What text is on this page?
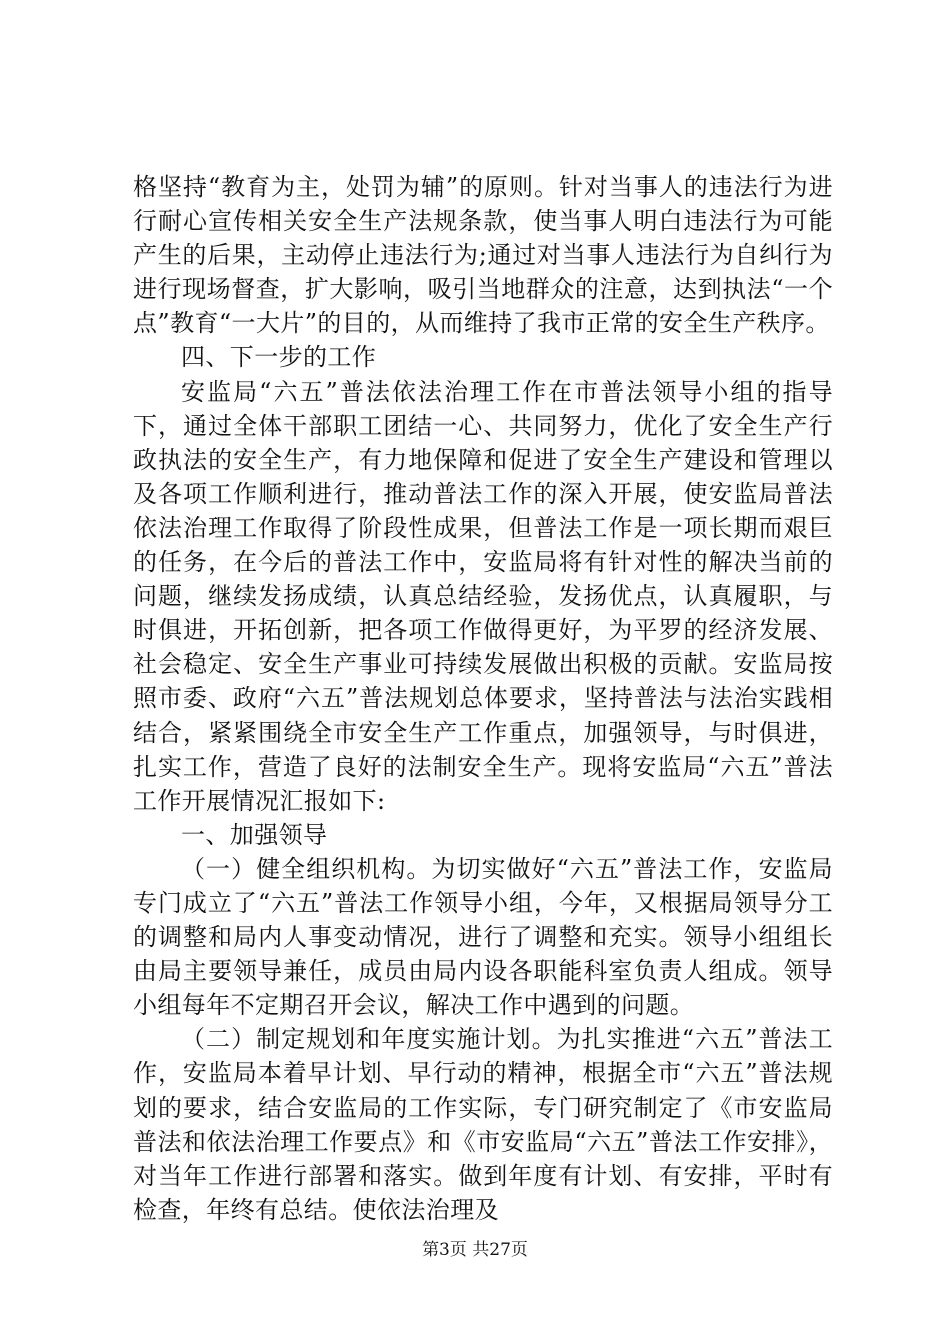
格坚持“教育为主，处罚为辅”的原则。针对当事人的违法行为进行耐心宣传相关安全生产法规条款，使当事人明白违法行为可能产生的后果，主动停止违法行为;通过对当事人违法行为自纠行为进行现场督查，扩大影响，吸引当地群众的注意，达到执法“一个点”教育“一大片”的目的，从而维持了我市正常的安全生产秩序。

四、下一步的工作

安监局“六五”普法依法治理工作在市普法领导小组的指导下，通过全体干部职工团结一心、共同努力，优化了安全生产行政执法的安全生产，有力地保障和促进了安全生产建设和管理以及各项工作顺利进行，推动普法工作的深入开展，使安监局普法依法治理工作取得了阶段性成果，但普法工作是一项长期而艰巨的任务，在今后的普法工作中，安监局将有针对性的解决当前的问题，继续发扬成绩，认真总结经验，发扬优点，认真履职，与时俱进，开拓创新，把各项工作做得更好，为平罗的经济发展、社会稳定、安全生产事业可持续发展做出积极的贡献。安监局按照市委、政府“六五”普法规划总体要求，坚持普法与法治实践相结合，紧紧围绕全市安全生产工作重点，加强领导，与时俱进，扎实工作，营造了良好的法制安全生产。现将安监局“六五”普法工作开展情况汇报如下:

一、加强领导

（一）健全组织机构。为切实做好“六五”普法工作，安监局专门成立了“六五”普法工作领导小组，今年，又根据局领导分工的调整和局内人事变动情况，进行了调整和充实。领导小组组长由局主要领导兼任，成员由局内设各职能科室负责人组成。领导小组每年不定期召开会议，解决工作中遇到的问题。

（二）制定规划和年度实施计划。为扎实推进“六五”普法工作，安监局本着早计划、早行动的精神，根据全市“六五”普法规划的要求，结合安监局的工作实际，专门研究制定了《市安监局普法和依法治理工作要点》和《市安监局“六五”普法工作安排》，对当年工作进行部署和落实。做到年度有计划、有安排，平时有检查，年终有总结。使依法治理及

第3页 共27页
